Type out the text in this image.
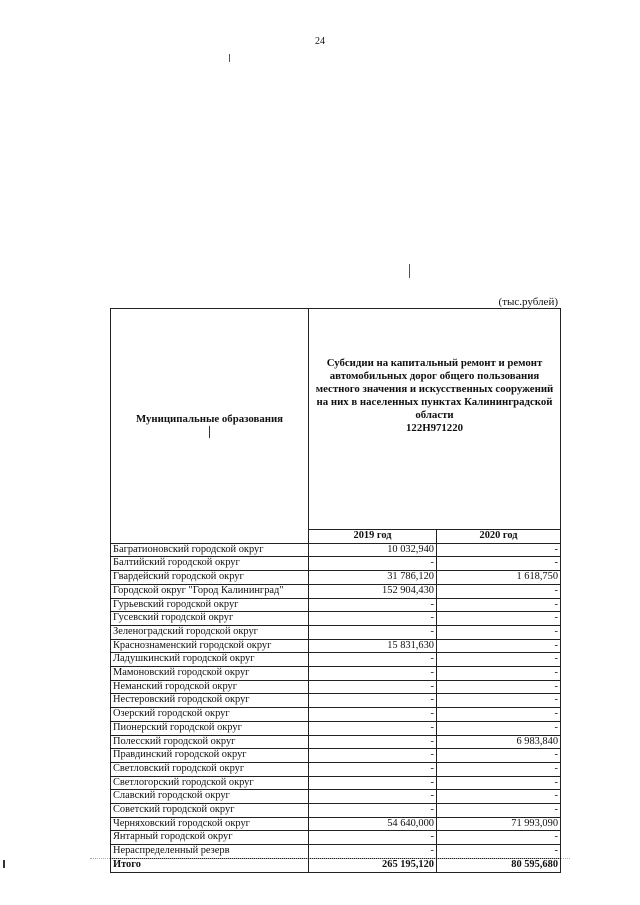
24
(тыс.рублей)
Муниципальные образования	Субсидии на капитальный ремонт и ремонт автомобильных дорог общего пользования местного значения и искусственных сооружений на них в населенных пунктах Калининградской области
122H971220	

	2019 год	2020 год
Багратионовский городской округ	10 032,940	-
Балтийский городской округ	-	-
Гвардейский городской округ	31 786,120	1 618,750
Городской округ "Город Калининград"	152 904,430	-
Гурьевский городской округ	-	-
Гусевский городской округ	-	-
Зеленоградский городской округ	-	-
Краснознаменский городской округ	15 831,630	-
Ладушкинский городской округ	-	-
Мамоновский городской округ	-	-
Неманский городской округ	-	-
Нестеровский городской округ	-	-
Озерский городской округ	-	-
Пионерский городской округ	-	-
Полесский городской округ	-	6 983,840
Правдинский городской округ	-	-
Светловский городской округ	-	-
Светлогорский городской округ	-	-
Славский городской округ	-	-
Советский городской округ	-	-
Черняховский городской округ	54 640,000	71 993,090
Янтарный городской округ	-	-
Нераспределенный резерв	-	-
Итого	265 195,120	80 595,680
